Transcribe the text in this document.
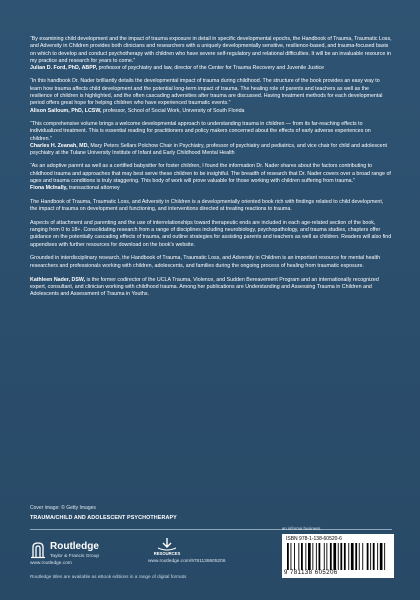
“By examining child development and the impact of trauma exposure in detail in specific developmental epochs, the Handbook of Trauma, Traumatic Loss, and Adversity in Children provides both clinicians and researchers with a uniquely developmentally sensitive, resilience-based, and trauma-focused basis on which to develop and conduct psychotherapy with children who have severe self-regulatory and relational difficulties. It will be an invaluable resource in my practice and research for years to come.”

Julian D. Ford, PhD, ABPP, professor of psychiatry and law, director of the Center for Trauma Recovery and Juvenile Justice

“In this handbook Dr. Nader brilliantly details the developmental impact of trauma during childhood. The structure of the book provides an easy way to learn how trauma affects child development and the potential long-term impact of trauma. The healing role of parents and teachers as well as the resilience of children is highlighted, and the often cascading adversities after trauma are discussed. Having treatment methods for each developmental period offers great hope for helping children who have experienced traumatic events.”

Alison Salloum, PhD, LCSW, professor, School of Social Work, University of South Florida

“This comprehensive volume brings a welcome developmental approach to understanding trauma in children — from its far-reaching effects to individualized treatment. This is essential reading for practitioners and policy makers concerned about the effects of early adverse experiences on children.”

Charles H. Zeanah, MD, Mary Peters Sellars Polchow Chair in Psychiatry, professor of psychiatry and pediatrics, and vice chair for child and adolescent psychiatry at the Tulane University Institute of Infant and Early Childhood Mental Health

“As an adoptive parent as well as a certified babysitter for foster children, I found the information Dr. Nader shares about the factors contributing to childhood trauma and approaches that may best serve these children to be insightful. The breadth of research that Dr. Nader covers over a broad range of ages and trauma conditions is truly staggering. This body of work will prove valuable for those working with children suffering from trauma.”

Fiona McInally, transactional attorney

The Handbook of Trauma, Traumatic Loss, and Adversity in Children is a developmentally oriented book rich with findings related to child development, the impact of trauma on development and functioning, and interventions directed at treating reactions to trauma.

Aspects of attachment and parenting and the use of interrelationships toward therapeutic ends are included in each age-related section of the book, ranging from 0 to 18+. Consolidating research from a range of disciplines including neurobiology, psychopathology, and trauma studies, chapters offer guidance on the potentially cascading effects of trauma, and outline strategies for assisting parents and teachers as well as children. Readers will also find appendixes with further resources for download on the book's website.

Grounded in interdisciplinary research, the Handbook of Trauma, Traumatic Loss, and Adversity in Children is an important resource for mental health researchers and professionals working with children, adolescents, and families during the ongoing process of healing from traumatic exposure.

Kathleen Nader, DSW, is the former codirector of the UCLA Trauma, Violence, and Sudden Bereavement Program and an internationally recognized expert, consultant, and clinician working with childhood trauma. Among her publications are Understanding and Assessing Trauma in Children and Adolescents and Assessment of Trauma in Youths.

Cover image: © Getty Images
TRAUMA/CHILD AND ADOLESCENT PSYCHOTHERAPY
Routledge
Taylor & Francis Group
www.routledge.com
RESOURCES
www.routledge.com/9781138605206
Routledge titles are available as eBook editions in a range of digital formats
an informa business
ISBN 978-1-138-60520-6
9 781138 605206
